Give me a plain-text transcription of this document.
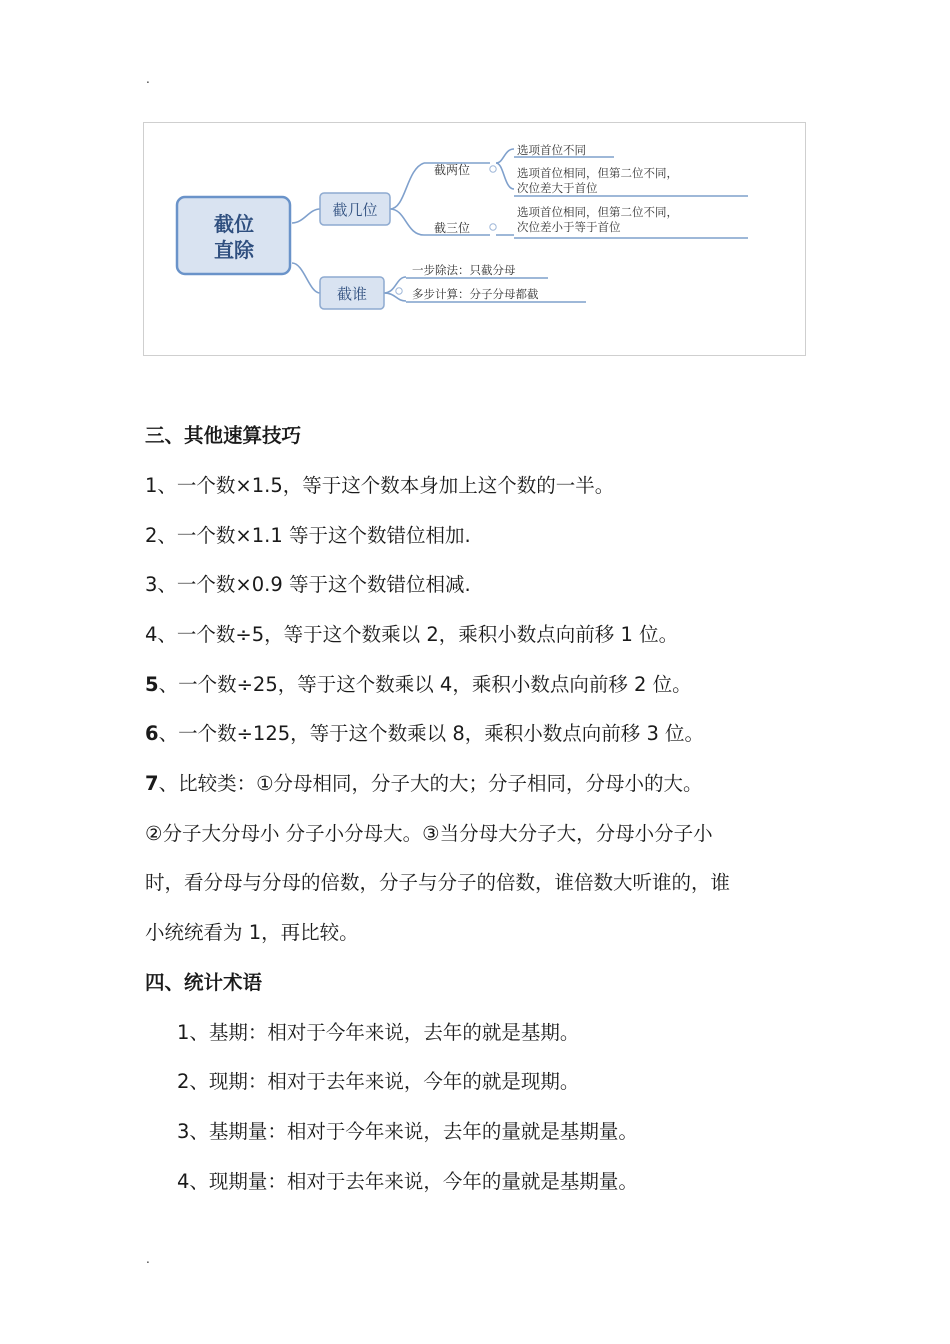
.
截位
直除
截几位
截谁
截两位
截三位
选项首位不同
选项首位相同，但第二位不同，
次位差大于首位
选项首位相同，但第二位不同，
次位差小于等于首位
一步除法：只截分母
多步计算：分子分母都截
三、其他速算技巧
1、一个数×1.5，等于这个数本身加上这个数的一半。
2、一个数×1.1 等于这个数错位相加.
3、一个数×0.9 等于这个数错位相减.
4、一个数÷5，等于这个数乘以 2，乘积小数点向前移 1 位。
5、一个数÷25，等于这个数乘以 4，乘积小数点向前移 2 位。
6、一个数÷125，等于这个数乘以 8，乘积小数点向前移 3 位。
7、比较类：①分母相同，分子大的大；分子相同，分母小的大。
②分子大分母小 分子小分母大。③当分母大分子大，分母小分子小
时，看分母与分母的倍数，分子与分子的倍数，谁倍数大听谁的，谁
小统统看为 1，再比较。
四、统计术语
1、基期：相对于今年来说，去年的就是基期。
2、现期：相对于去年来说，今年的就是现期。
3、基期量：相对于今年来说，去年的量就是基期量。
4、现期量：相对于去年来说，今年的量就是基期量。
.
